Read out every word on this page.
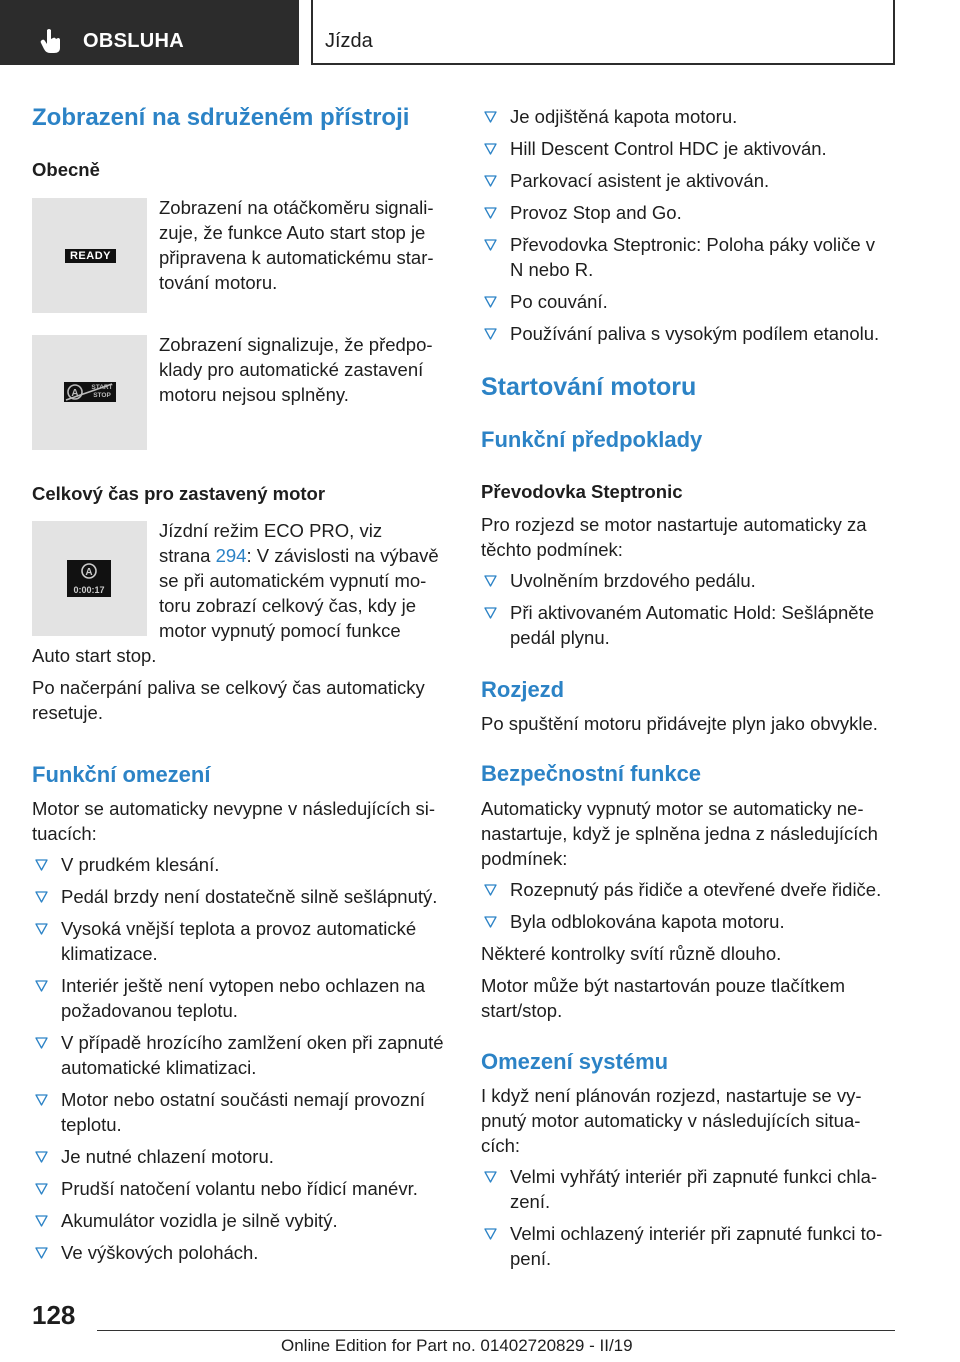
OBSLUHA	Jízda
Zobrazení na sdruženém přístroji
Obecně
READY
Zobrazení na otáčkoměru signali-
zuje, že funkce Auto start stop je
připravena k automatickému star-
tování motoru.
A
START STOP
Zobrazení signalizuje, že předpo-
klady pro automatické zastavení
motoru nejsou splněny.
Celkový čas pro zastavený motor
A
0:00:17
Jízdní režim ECO PRO, viz
strana 294: V závislosti na výbavě
se při automatickém vypnutí mo-
toru zobrazí celkový čas, kdy je
motor vypnutý pomocí funkce
Auto start stop.
Po načerpání paliva se celkový čas automaticky
resetuje.
Funkční omezení
Motor se automaticky nevypne v následujících si-
tuacích:
V prudkém klesání.
Pedál brzdy není dostatečně silně sešlápnutý.
Vysoká vnější teplota a provoz automatické
klimatizace.
Interiér ještě není vytopen nebo ochlazen na
požadovanou teplotu.
V případě hrozícího zamlžení oken při zapnuté
automatické klimatizaci.
Motor nebo ostatní součásti nemají provozní
teplotu.
Je nutné chlazení motoru.
Prudší natočení volantu nebo řídicí manévr.
Akumulátor vozidla je silně vybitý.
Ve výškových polohách.
Je odjištěná kapota motoru.
Hill Descent Control HDC je aktivován.
Parkovací asistent je aktivován.
Provoz Stop and Go.
Převodovka Steptronic: Poloha páky voliče v
N nebo R.
Po couvání.
Používání paliva s vysokým podílem etanolu.
Startování motoru
Funkční předpoklady
Převodovka Steptronic
Pro rozjezd se motor nastartuje automaticky za
těchto podmínek:
Uvolněním brzdového pedálu.
Při aktivovaném Automatic Hold: Sešlápněte
pedál plynu.
Rozjezd
Po spuštění motoru přidávejte plyn jako obvykle.
Bezpečnostní funkce
Automaticky vypnutý motor se automaticky ne-
nastartuje, když je splněna jedna z následujících
podmínek:
Rozepnutý pás řidiče a otevřené dveře řidiče.
Byla odblokována kapota motoru.
Některé kontrolky svítí různě dlouho.
Motor může být nastartován pouze tlačítkem
start/stop.
Omezení systému
I když není plánován rozjezd, nastartuje se vy-
pnutý motor automaticky v následujících situa-
cích:
Velmi vyhřátý interiér při zapnuté funkci chla-
zení.
Velmi ochlazený interiér při zapnuté funkci to-
pení.
128
Online Edition for Part no. 01402720829 - II/19
